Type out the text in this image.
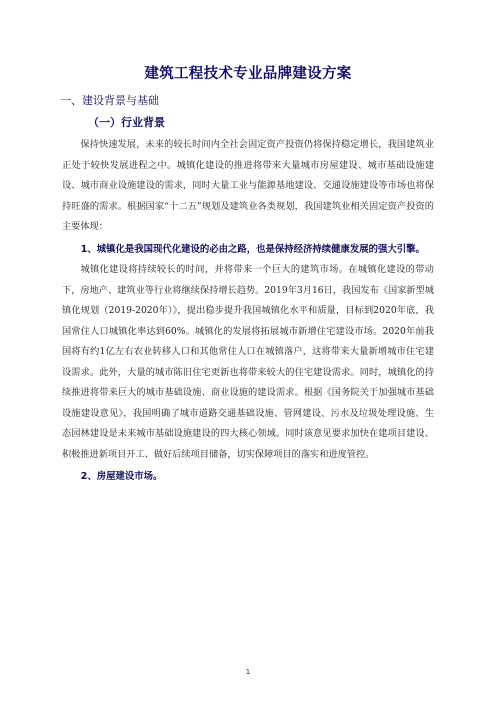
建筑工程技术专业品牌建设方案
一、建设背景与基础
（一）行业背景

保持快速发展，未来的较长时间内全社会固定资产投资仍将保持稳定增长，我国建筑业正处于较快发展进程之中。城镇化建设的推进将带来大量城市房屋建设、城市基础设施建设、城市商业设施建设的需求，同时大量工业与能源基地建设、交通设施建设等市场也将保持旺盛的需求。根据国家“十二五”规划及建筑业各类规划，我国建筑业相关固定资产投资的主要体现：

1、城镇化是我国现代化建设的必由之路，也是保持经济持续健康发展的强大引擎。

城镇化建设将持续较长的时间，并将带来一个巨大的建筑市场。在城镇化建设的带动下，房地产、建筑业等行业将继续保持增长趋势。2019年3月16日，我国发布《国家新型城镇化规划（2019-2020年）》，提出稳步提升我国城镇化水平和质量，目标到2020年底，我国常住人口城镇化率达到60%。城镇化的发展将拓展城市新增住宅建设市场。2020年前我国将有约1亿左右农业转移人口和其他常住人口在城镇落户，这将带来大量新增城市住宅建设需求。此外，大量的城市陈旧住宅更新也将带来较大的住宅建设需求。同时，城镇化的持续推进将带来巨大的城市基础设施、商业设施的建设需求。根据《国务院关于加强城市基础设施建设意见》，我国明确了城市道路交通基础设施、管网建设、污水及垃圾处理设施、生态园林建设是未来城市基础设施建设的四大核心领域。同时该意见要求加快在建项目建设、积极推进新项目开工、做好后续项目储备，切实保障项目的落实和进度管控。

2、房屋建设市场。

1
